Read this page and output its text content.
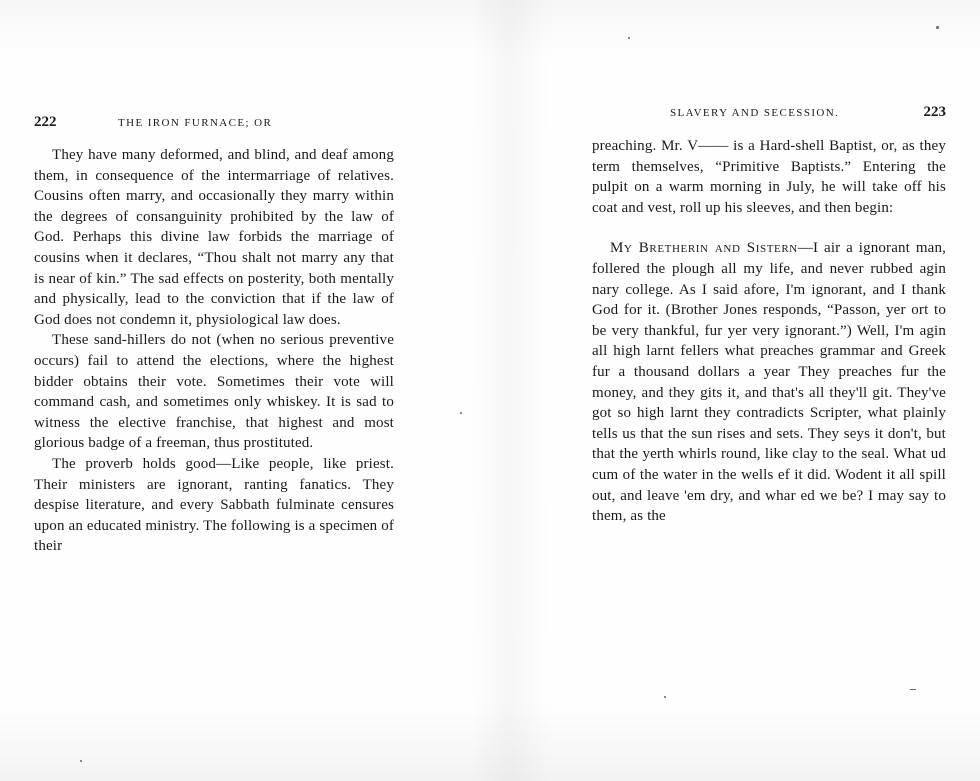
222	THE IRON FURNACE; OR

They have many deformed, and blind, and deaf among them, in consequence of the intermarriage of relatives. Cousins often marry, and occasionally they marry within the degrees of consanguinity prohibited by the law of God. Perhaps this divine law forbids the marriage of cousins when it declares, “Thou shalt not marry any that is near of kin.” The sad effects on posterity, both mentally and physically, lead to the conviction that if the law of God does not condemn it, physiological law does.

These sand-hillers do not (when no serious preventive occurs) fail to attend the elections, where the highest bidder obtains their vote. Sometimes their vote will command cash, and sometimes only whiskey. It is sad to witness the elective franchise, that highest and most glorious badge of a freeman, thus prostituted.

The proverb holds good—Like people, like priest. Their ministers are ignorant, ranting fanatics. They despise literature, and every Sabbath fulminate censures upon an educated ministry. The following is a specimen of their

SLAVERY AND SECESSION.	223

preaching. Mr. V—— is a Hard-shell Baptist, or, as they term themselves, “Primitive Baptists.” Entering the pulpit on a warm morning in July, he will take off his coat and vest, roll up his sleeves, and then begin:

My Bretherin and Sistern—I air a ignorant man, follered the plough all my life, and never rubbed agin nary college. As I said afore, I'm ignorant, and I thank God for it. (Brother Jones responds, “Passon, yer ort to be very thankful, fur yer very ignorant.”) Well, I'm agin all high larnt fellers what preaches grammar and Greek fur a thousand dollars a year They preaches fur the money, and they gits it, and that's all they'll git. They've got so high larnt they contradicts Scripter, what plainly tells us that the sun rises and sets. They seys it don't, but that the yerth whirls round, like clay to the seal. What ud cum of the water in the wells ef it did. Wodent it all spill out, and leave 'em dry, and whar ed we be? I may say to them, as the
